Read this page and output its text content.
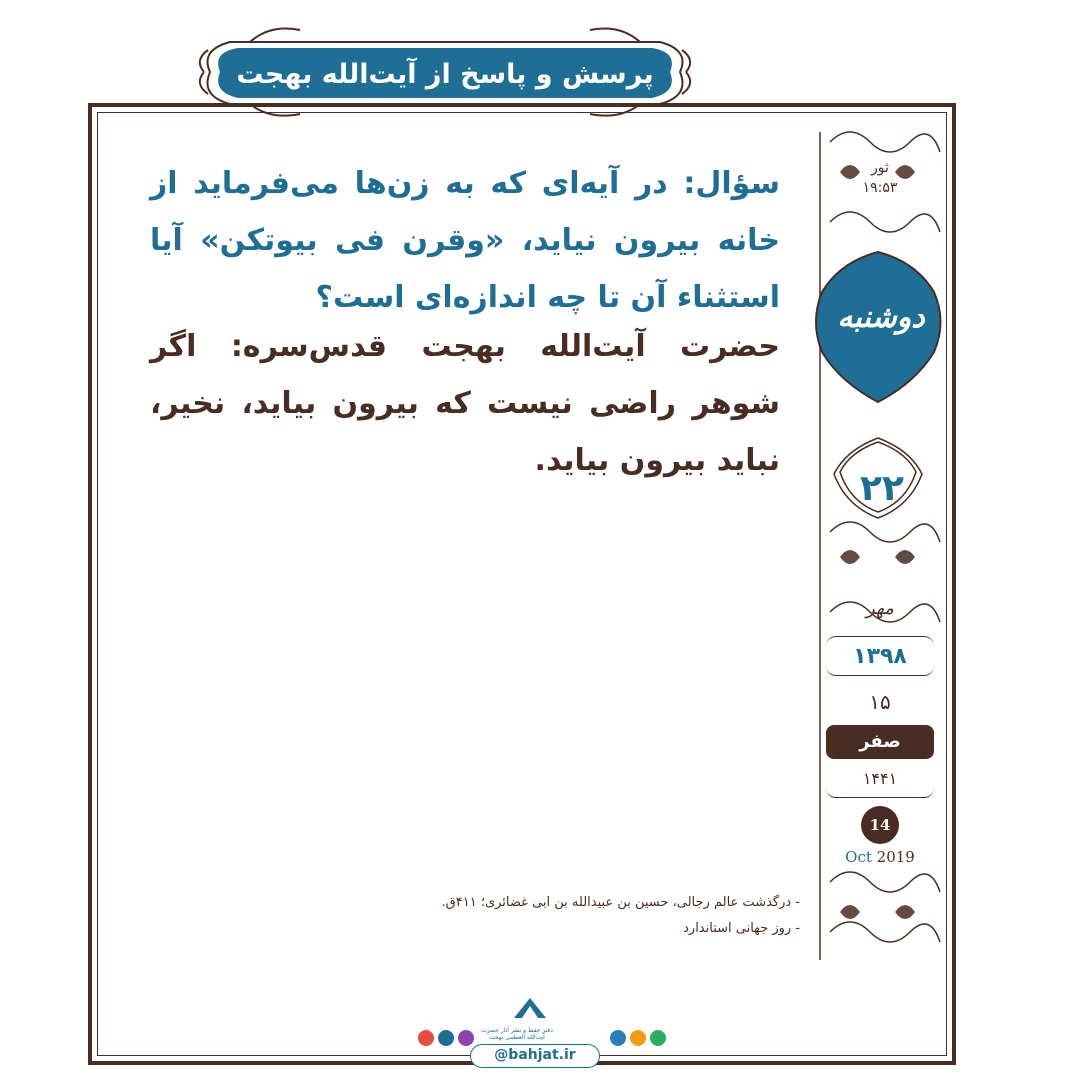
پرسش و پاسخ از آیت‌الله بهجت قدس‌سره
سؤال: در آیه‌ای که به زن‌ها می‌فرماید از خانه بیرون نیاید، «وقرن فی بیوتکن» آیا استثناء آن تا چه اندازه‌ای است؟
حضرت آیت‌الله بهجت قدس‌سره: اگر شوهر راضی نیست که بیرون بیاید، نخیر، نباید بیرون بیاید.
ثور
۱۹:۵۳
دوشنبه
۲۲
مهر
۱۳۹۸
۱۵
صفر
۱۴۴۱
14
Oct 2019
- درگذشت عالم رجالی، حسین بن عبیدالله بن ابی غضائری؛ ۴۱۱ق.
- روز جهانی استاندارد
دفتر حفظ و نشر آثار حضرت آیت‌الله العظمی بهجت
@bahjat.ir
